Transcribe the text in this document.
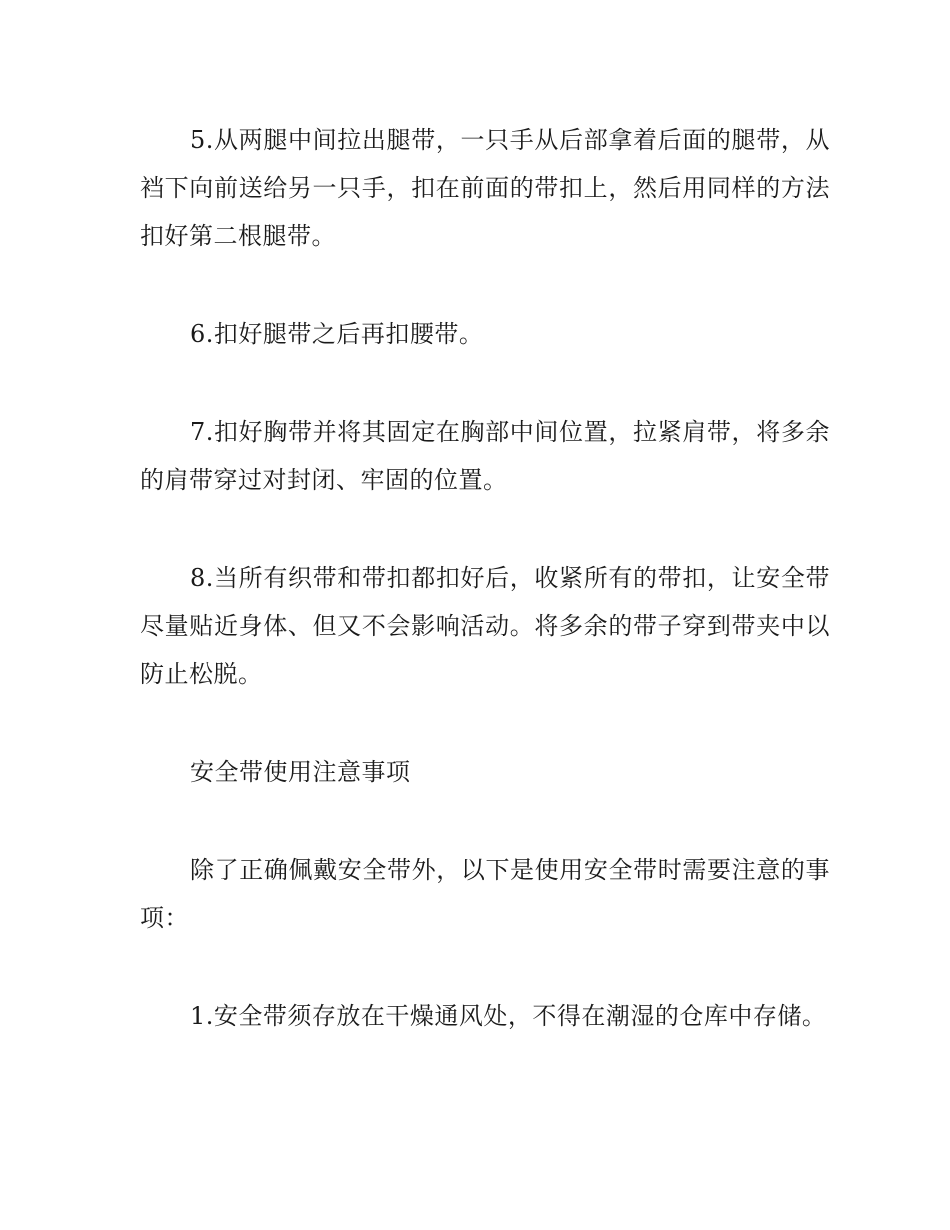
5.从两腿中间拉出腿带，一只手从后部拿着后面的腿带，从裆下向前送给另一只手，扣在前面的带扣上，然后用同样的方法扣好第二根腿带。

6.扣好腿带之后再扣腰带。

7.扣好胸带并将其固定在胸部中间位置，拉紧肩带，将多余的肩带穿过对封闭、牢固的位置。

8.当所有织带和带扣都扣好后，收紧所有的带扣，让安全带尽量贴近身体、但又不会影响活动。将多余的带子穿到带夹中以防止松脱。

安全带使用注意事项

除了正确佩戴安全带外，以下是使用安全带时需要注意的事项：

1.安全带须存放在干燥通风处，不得在潮湿的仓库中存储。
